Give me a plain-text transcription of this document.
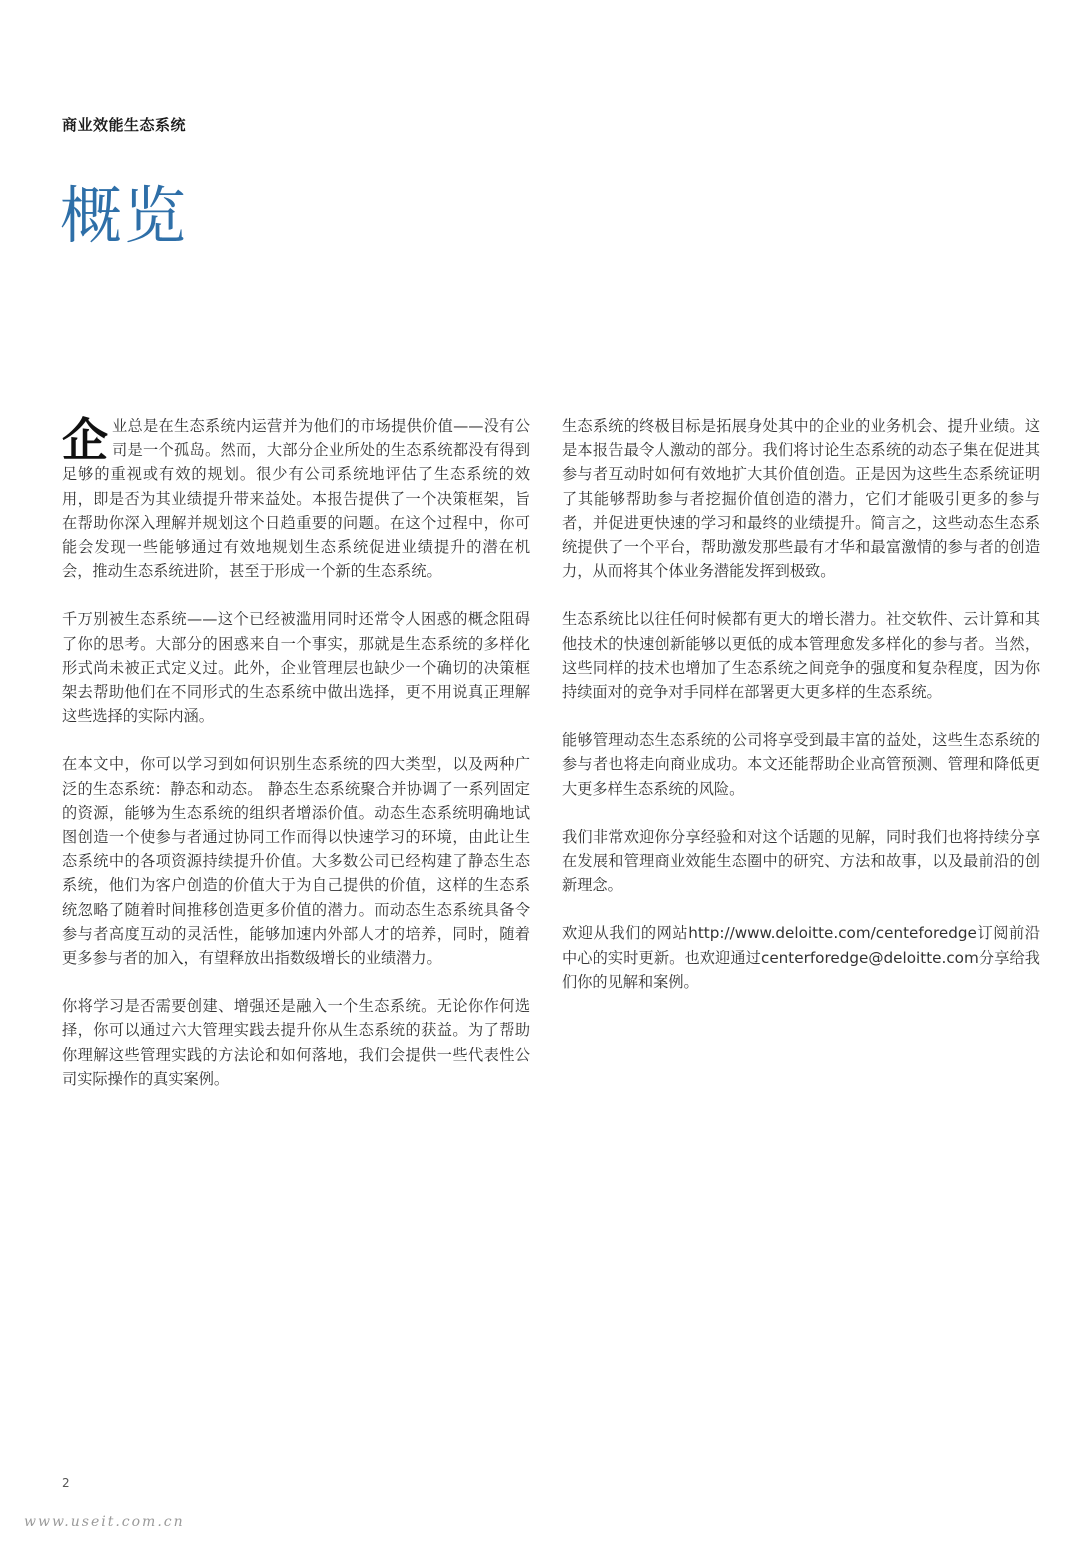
商业效能生态系统
概览

企业总是在生态系统内运营并为他们的市场提供价值——没有公司是一个孤岛。然而，大部分企业所处的生态系统都没有得到足够的重视或有效的规划。很少有公司系统地评估了生态系统的效用，即是否为其业绩提升带来益处。本报告提供了一个决策框架，旨在帮助你深入理解并规划这个日趋重要的问题。在这个过程中，你可能会发现一些能够通过有效地规划生态系统促进业绩提升的潜在机会，推动生态系统进阶，甚至于形成一个新的生态系统。

千万别被生态系统——这个已经被滥用同时还常令人困惑的概念阻碍了你的思考。大部分的困惑来自一个事实，那就是生态系统的多样化形式尚未被正式定义过。此外，企业管理层也缺少一个确切的决策框架去帮助他们在不同形式的生态系统中做出选择，更不用说真正理解这些选择的实际内涵。

在本文中，你可以学习到如何识别生态系统的四大类型，以及两种广泛的生态系统：静态和动态。 静态生态系统聚合并协调了一系列固定的资源，能够为生态系统的组织者增添价值。动态生态系统明确地试图创造一个使参与者通过协同工作而得以快速学习的环境，由此让生态系统中的各项资源持续提升价值。大多数公司已经构建了静态生态系统，他们为客户创造的价值大于为自己提供的价值，这样的生态系统忽略了随着时间推移创造更多价值的潜力。而动态生态系统具备令参与者高度互动的灵活性，能够加速内外部人才的培养，同时，随着更多参与者的加入，有望释放出指数级增长的业绩潜力。

你将学习是否需要创建、增强还是融入一个生态系统。无论你作何选择，你可以通过六大管理实践去提升你从生态系统的获益。为了帮助你理解这些管理实践的方法论和如何落地，我们会提供一些代表性公司实际操作的真实案例。

生态系统的终极目标是拓展身处其中的企业的业务机会、提升业绩。这是本报告最令人激动的部分。我们将讨论生态系统的动态子集在促进其参与者互动时如何有效地扩大其价值创造。正是因为这些生态系统证明了其能够帮助参与者挖掘价值创造的潜力，它们才能吸引更多的参与者，并促进更快速的学习和最终的业绩提升。简言之，这些动态生态系统提供了一个平台，帮助激发那些最有才华和最富激情的参与者的创造力，从而将其个体业务潜能发挥到极致。

生态系统比以往任何时候都有更大的增长潜力。社交软件、云计算和其他技术的快速创新能够以更低的成本管理愈发多样化的参与者。当然，这些同样的技术也增加了生态系统之间竞争的强度和复杂程度，因为你持续面对的竞争对手同样在部署更大更多样的生态系统。

能够管理动态生态系统的公司将享受到最丰富的益处，这些生态系统的参与者也将走向商业成功。本文还能帮助企业高管预测、管理和降低更大更多样生态系统的风险。

我们非常欢迎你分享经验和对这个话题的见解，同时我们也将持续分享在发展和管理商业效能生态圈中的研究、方法和故事，以及最前沿的创新理念。

欢迎从我们的网站http://www.deloitte.com/centeforedge订阅前沿中心的实时更新。也欢迎通过centerforedge@deloitte.com分享给我们你的见解和案例。

2
www.useit.com.cn
